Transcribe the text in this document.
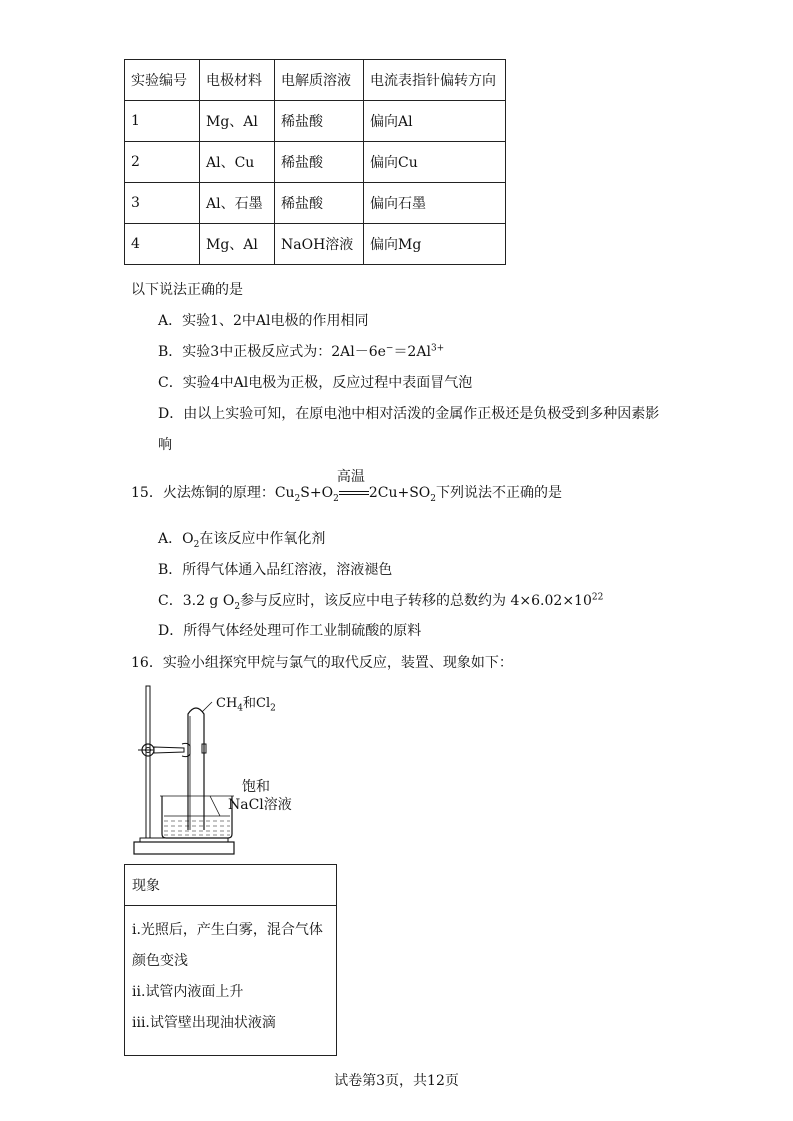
实验编号	电极材料	电解质溶液	电流表指针偏转方向
1	Mg、Al	稀盐酸	偏向Al
2	Al、Cu	稀盐酸	偏向Cu
3	Al、石墨	稀盐酸	偏向石墨
4	Mg、Al	NaOH溶液	偏向Mg
以下说法正确的是
A．实验1、2中Al电极的作用相同
B．实验3中正极反应式为：$2Al-6e^-=2Al^{3+}$
C．实验4中Al电极为正极，反应过程中表面冒气泡
D．由以上实验可知，在原电池中相对活泼的金属作正极还是负极受到多种因素影
响
15．火法炼铜的原理：$Cu_2S+O_2$
高温
$2Cu+SO_2$下列说法不正确的是
A．$O_2$在该反应中作氧化剂
B．所得气体通入品红溶液，溶液褪色
C．3.2 g $O_2$参与反应时，该反应中电子转移的总数约为 $4\times 6.02\times 10^{22}$
D．所得气体经处理可作工业制硫酸的原料
16．实验小组探究甲烷与氯气的取代反应，装置、现象如下：
$CH_4$和$Cl_2$
饱和
NaCl溶液
现象

ⅰ.光照后，产生白雾，混合气体
颜色变浅
ⅱ.试管内液面上升
ⅲ.试管壁出现油状液滴
试卷第3页，共12页
